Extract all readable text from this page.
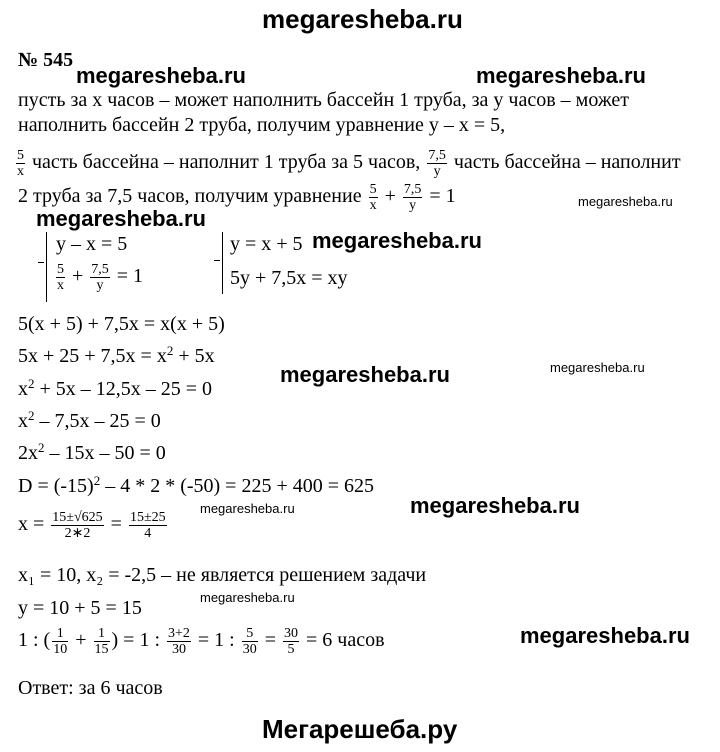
megaresheba.ru
№ 545
megaresheba.ru	megaresheba.ru
megaresheba.ru
megaresheba.ru
megaresheba.ru
megaresheba.ru
megaresheba.ru
megaresheba.ru
megaresheba.ru
megaresheba.ru
megaresheba.ru
пусть за x часов – может наполнить бассейн 1 труба, за y часов – может
наполнить бассейн 2 труба, получим уравнение y – x = 5,
$\frac{5}{x}$ часть бассейна – наполнит 1 труба за 5 часов, $\frac{7,5}{y}$ часть бассейна – наполнит
2 труба за 7,5 часов, получим уравнение $\frac{5}{x} + \frac{7,5}{y} = 1$
y – x = 5
$\frac{5}{x} + \frac{7,5}{y} = 1$
y = x + 5
5y + 7,5x = xy
5(x + 5) + 7,5x = x(x + 5)
$5x + 25 + 7,5x = x^2 + 5x$
$x^2 + 5x - 12,5x - 25 = 0$
$x^2 - 7,5x - 25 = 0$
$2x^2 - 15x - 50 = 0$
$D = (-15)^2 - 4 * 2 * (-50) = 225 + 400 = 625$
$x = \frac{15\pm√625}{2∗2} = \frac{15\pm 25}{4}$
x₁ = 10, x₂ = -2,5 – не является решением задачи
y = 10 + 5 = 15
1 : ( $\frac{1}{10} + \frac{1}{15}$ ) = 1 : $\frac{3+2}{30} = 1$ : $\frac{5}{30} = \frac{30}{5} = 6$ часов
Ответ: за 6 часов
Мегарешеба.ру
